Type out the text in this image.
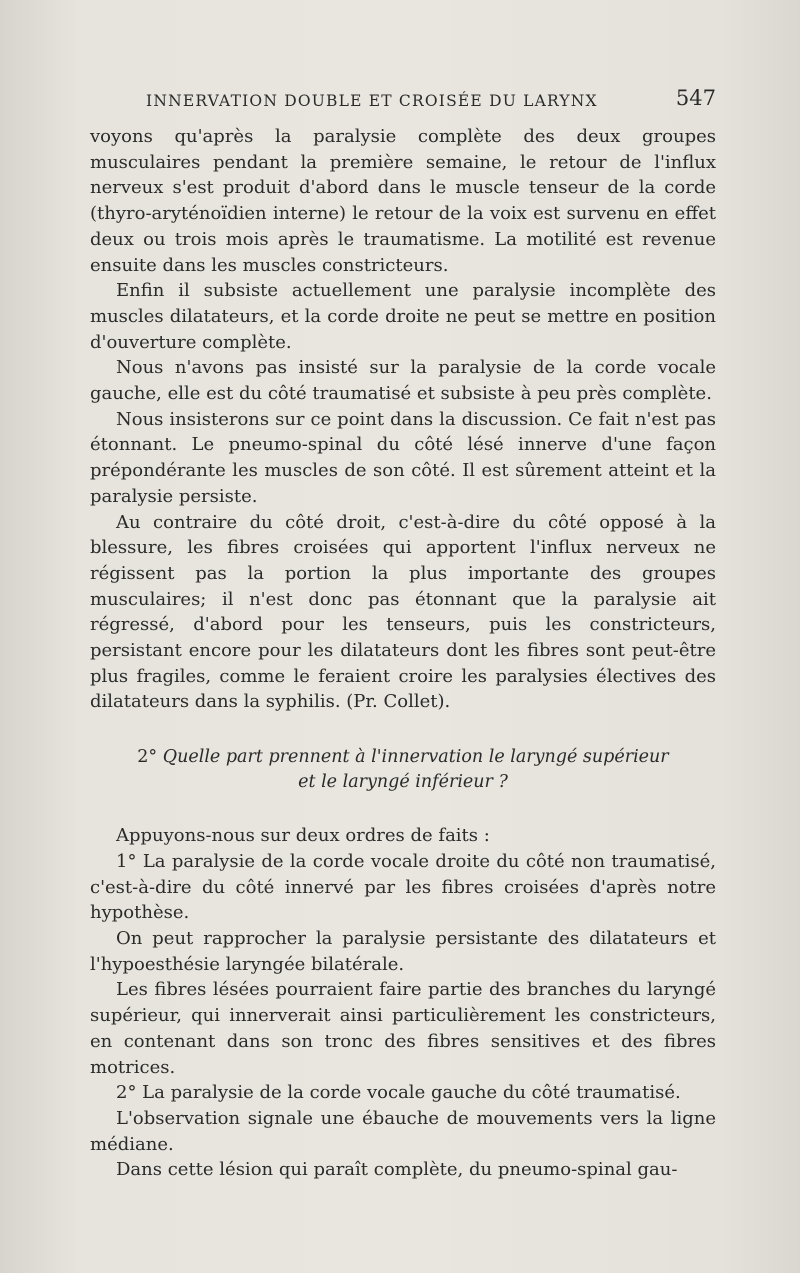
INNERVATION DOUBLE ET CROISÉE DU LARYNX	547

voyons qu'après la paralysie complète des deux groupes musculaires pendant la première semaine, le retour de l'influx nerveux s'est produit d'abord dans le muscle tenseur de la corde (thyro-aryténoïdien interne) le retour de la voix est survenu en effet deux ou trois mois après le traumatisme. La motilité est revenue ensuite dans les muscles constricteurs.

Enfin il subsiste actuellement une paralysie incomplète des muscles dilatateurs, et la corde droite ne peut se mettre en position d'ouverture complète.

Nous n'avons pas insisté sur la paralysie de la corde vocale gauche, elle est du côté traumatisé et subsiste à peu près complète.

Nous insisterons sur ce point dans la discussion. Ce fait n'est pas étonnant. Le pneumo-spinal du côté lésé innerve d'une façon prépondérante les muscles de son côté. Il est sûrement atteint et la paralysie persiste.

Au contraire du côté droit, c'est-à-dire du côté opposé à la blessure, les fibres croisées qui apportent l'influx nerveux ne régissent pas la portion la plus importante des groupes musculaires; il n'est donc pas étonnant que la paralysie ait régressé, d'abord pour les tenseurs, puis les constricteurs, persistant encore pour les dilatateurs dont les fibres sont peut-être plus fragiles, comme le feraient croire les paralysies électives des dilatateurs dans la syphilis. (Pr. Collet).

2° Quelle part prennent à l'innervation le laryngé supérieur
et le laryngé inférieur ?

Appuyons-nous sur deux ordres de faits :

1° La paralysie de la corde vocale droite du côté non traumatisé, c'est-à-dire du côté innervé par les fibres croisées d'après notre hypothèse.

On peut rapprocher la paralysie persistante des dilatateurs et l'hypoesthésie laryngée bilatérale.

Les fibres lésées pourraient faire partie des branches du laryngé supérieur, qui innerverait ainsi particulièrement les constricteurs, en contenant dans son tronc des fibres sensitives et des fibres motrices.

2° La paralysie de la corde vocale gauche du côté traumatisé.

L'observation signale une ébauche de mouvements vers la ligne médiane.

Dans cette lésion qui paraît complète, du pneumo-spinal gau-
